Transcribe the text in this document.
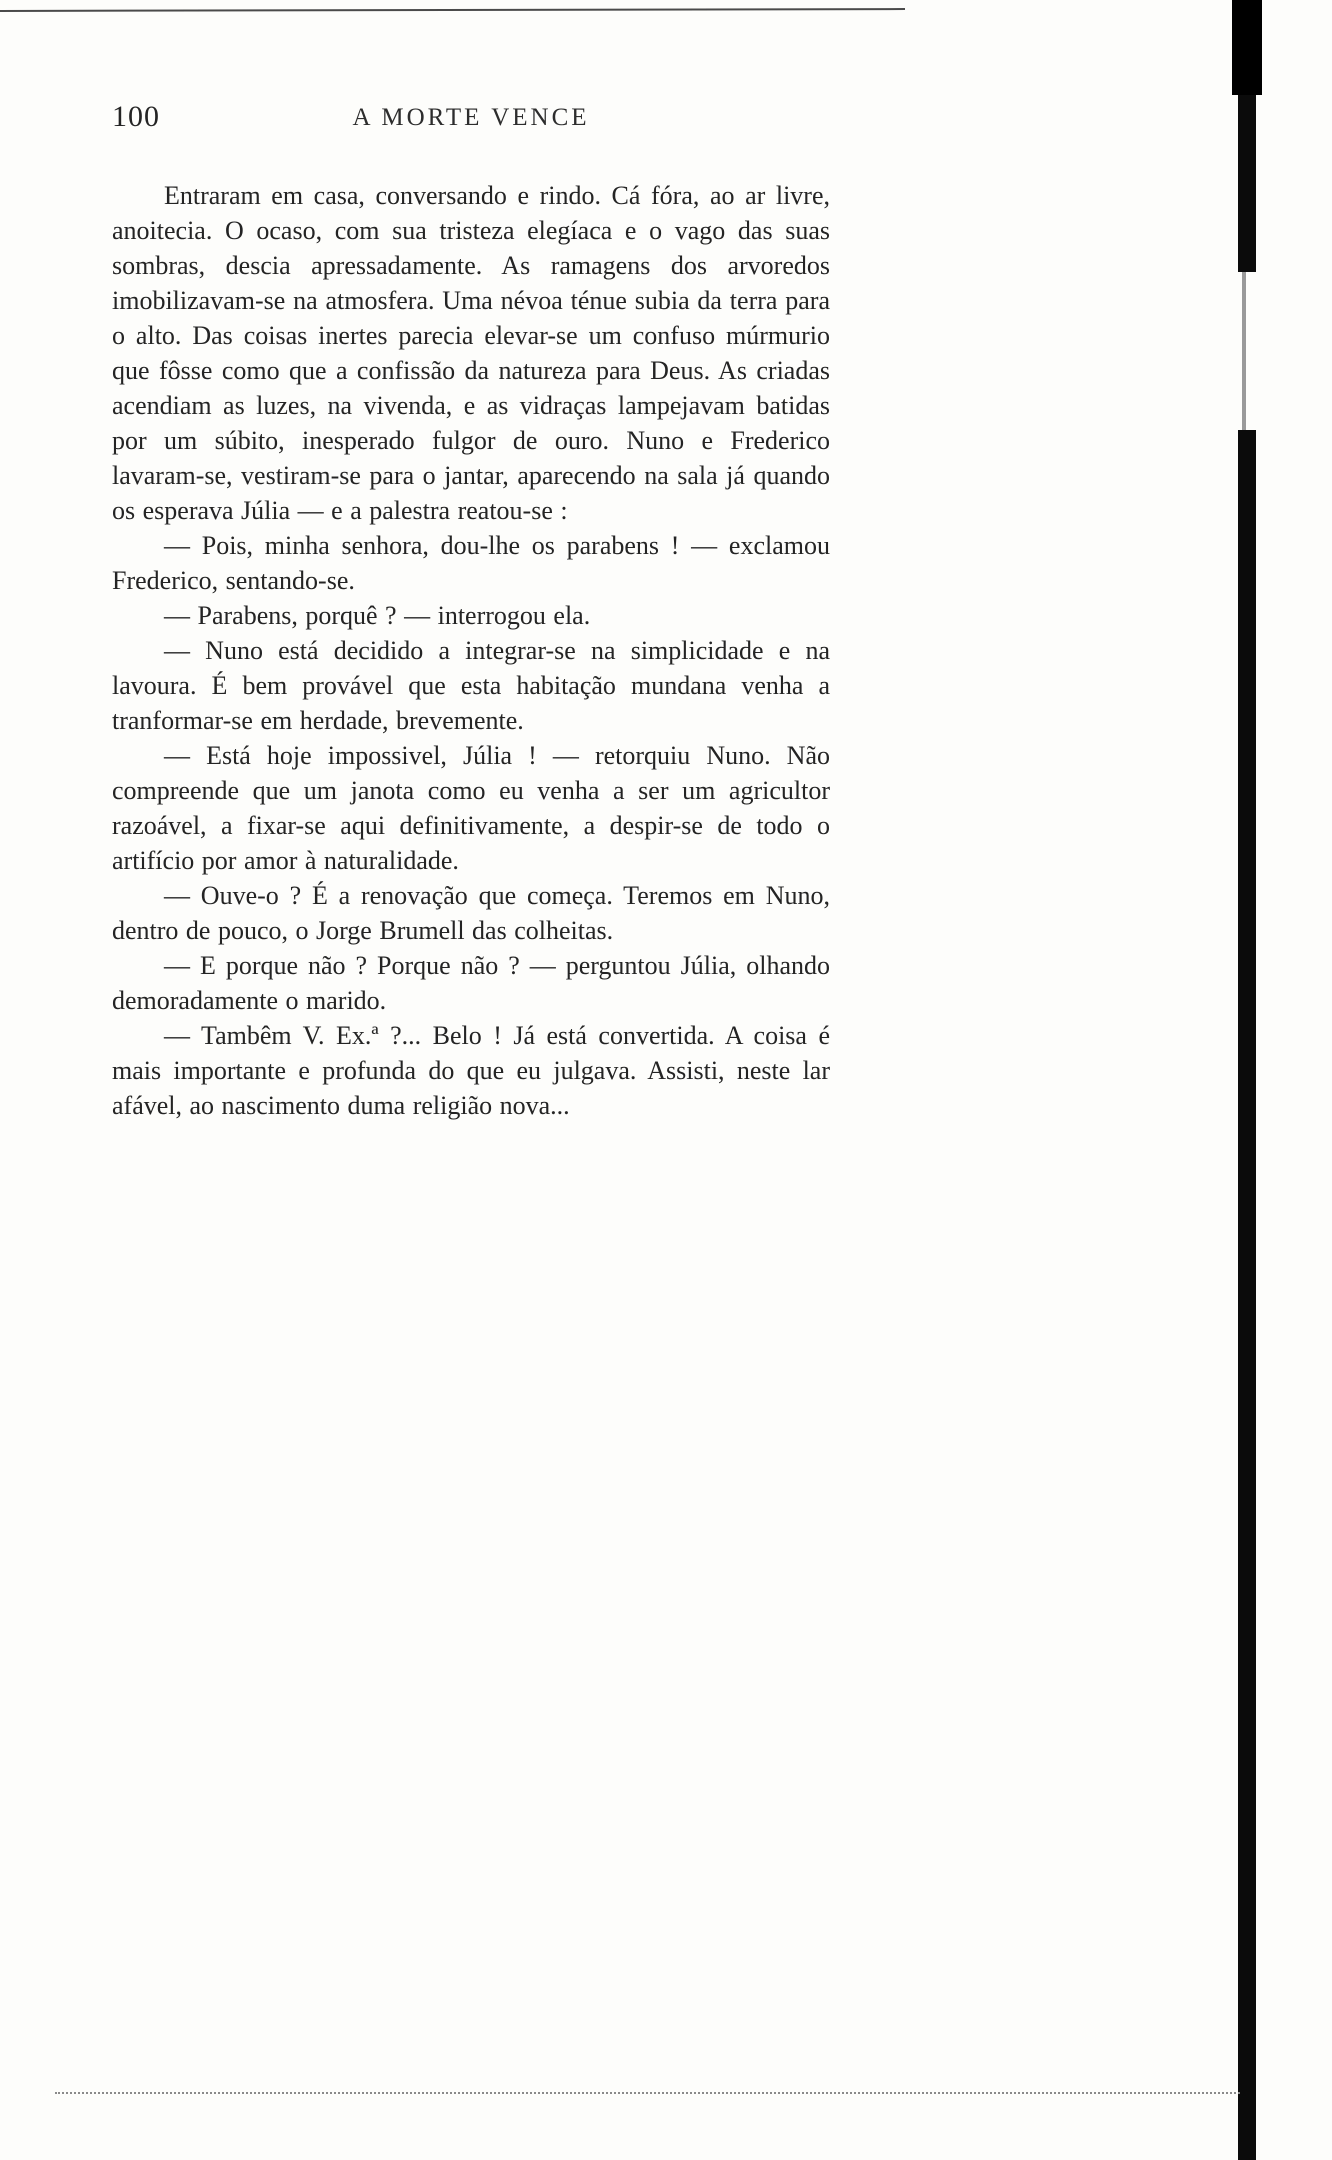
100	A MORTE VENCE

Entraram em casa, conversando e rindo. Cá fóra, ao ar livre, anoitecia. O ocaso, com sua tristeza elegíaca e o vago das suas sombras, descia apressadamente. As ramagens dos arvoredos imobilizavam-se na atmosfera. Uma névoa ténue subia da terra para o alto. Das coisas inertes parecia elevar-se um confuso múrmurio que fôsse como que a confissão da natureza para Deus. As criadas acendiam as luzes, na vivenda, e as vidraças lampejavam batidas por um súbito, inesperado fulgor de ouro. Nuno e Frederico lavaram-se, vestiram-se para o jantar, aparecendo na sala já quando os esperava Júlia — e a palestra reatou-se :

— Pois, minha senhora, dou-lhe os parabens ! — exclamou Frederico, sentando-se.

— Parabens, porquê ? — interrogou ela.

— Nuno está decidido a integrar-se na simplicidade e na lavoura. É bem provável que esta habitação mundana venha a tranformar-se em herdade, brevemente.

— Está hoje impossivel, Júlia ! — retorquiu Nuno. Não compreende que um janota como eu venha a ser um agricultor razoável, a fixar-se aqui definitivamente, a despir-se de todo o artifício por amor à naturalidade.

— Ouve-o ? É a renovação que começa. Teremos em Nuno, dentro de pouco, o Jorge Brumell das colheitas.

— E porque não ? Porque não ? — perguntou Júlia, olhando demoradamente o marido.

— Tambêm V. Ex.ª ?... Belo ! Já está convertida. A coisa é mais importante e profunda do que eu julgava. Assisti, neste lar afável, ao nascimento duma religião nova...
